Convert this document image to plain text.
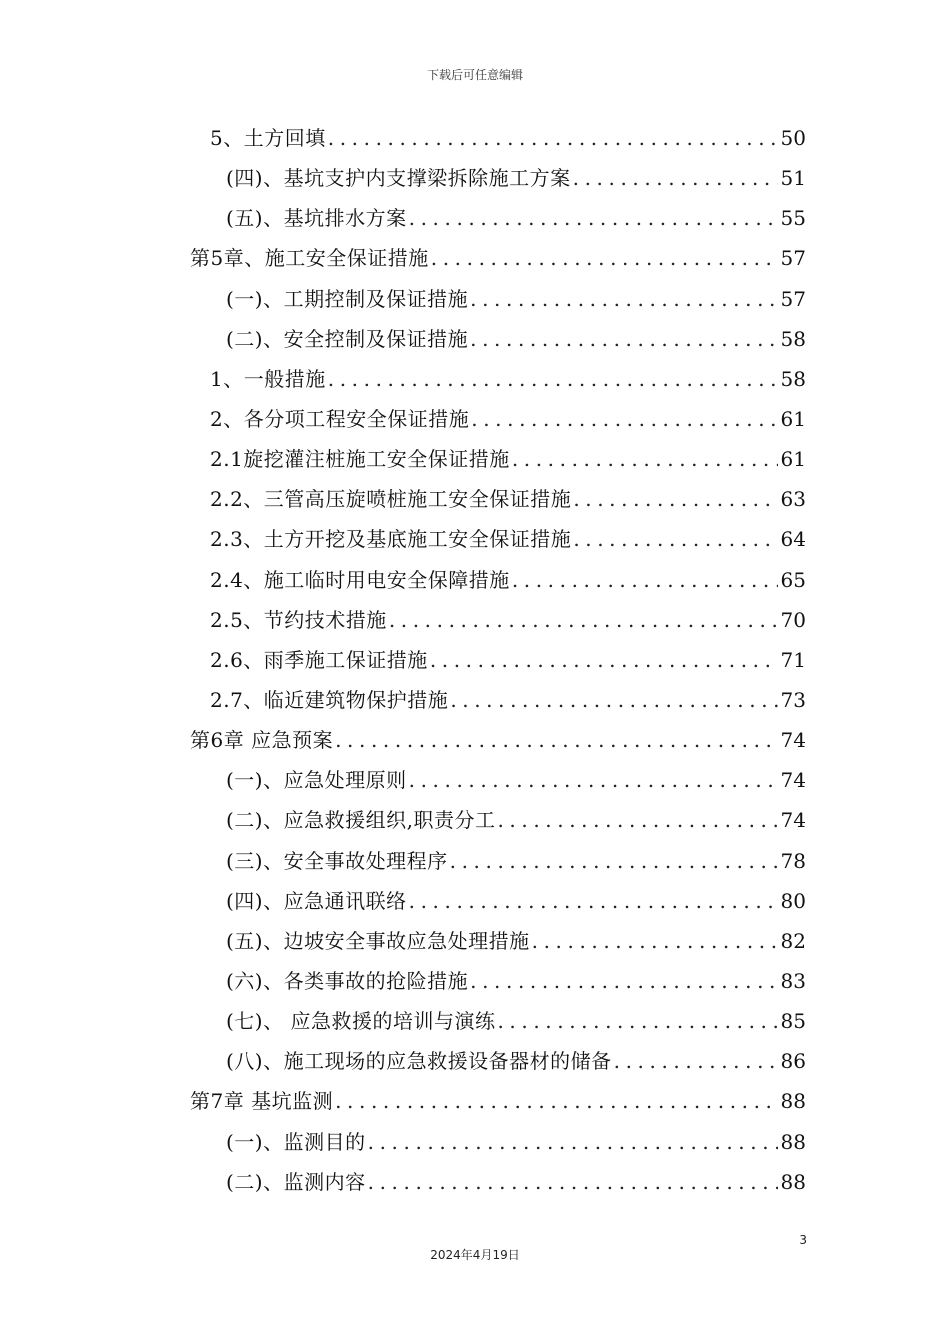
下载后可任意编辑
5、土方回填 .....	50
(四)、基坑支护内支撑梁拆除施工方案 .....	51
(五)、基坑排水方案 .....	55
第5章、施工安全保证措施 .....	57
(一)、工期控制及保证措施 .....	57
(二)、安全控制及保证措施 .....	58
1、一般措施 .....	58
2、各分项工程安全保证措施 .....	61
2.1旋挖灌注桩施工安全保证措施 .....	61
2.2、三管高压旋喷桩施工安全保证措施 .....	63
2.3、土方开挖及基底施工安全保证措施 .....	64
2.4、施工临时用电安全保障措施 .....	65
2.5、节约技术措施 .....	70
2.6、雨季施工保证措施 .....	71
2.7、临近建筑物保护措施 .....	73
第6章 应急预案 .....	74
(一)、应急处理原则 .....	74
(二)、应急救援组织,职责分工 .....	74
(三)、安全事故处理程序 .....	78
(四)、应急通讯联络 .....	80
(五)、边坡安全事故应急处理措施 .....	82
(六)、各类事故的抢险措施 .....	83
(七)、 应急救援的培训与演练 .....	85
(八)、施工现场的应急救援设备器材的储备 .....	86
第7章 基坑监测 .....	88
(一)、监测目的 .....	88
(二)、监测内容 .....	88
3
2024年4月19日
